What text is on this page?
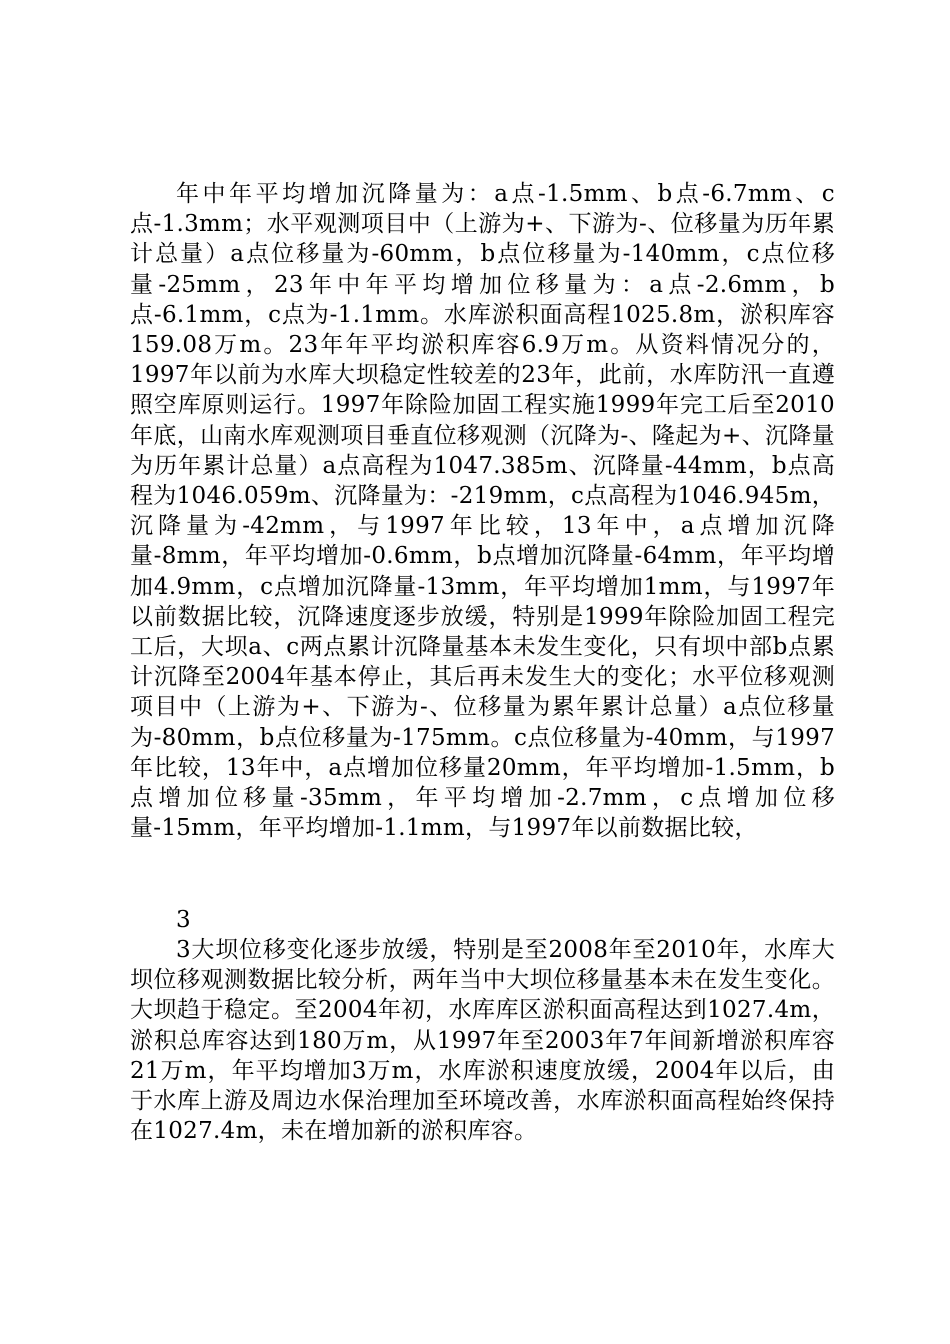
年中年平均增加沉降量为：a点-1.5mm、b点-6.7mm、c点-1.3mm；水平观测项目中（上游为+、下游为-、位移量为历年累计总量）a点位移量为-60mm，b点位移量为-140mm，c点位移量-25mm，23年中年平均增加位移量为：a点-2.6mm，b点-6.1mm，c点为-1.1mm。水库淤积面高程1025.8m，淤积库容159.08万m。23年年平均淤积库容6.9万m。从资料情况分的，1997年以前为水库大坝稳定性较差的23年，此前，水库防汛一直遵照空库原则运行。1997年除险加固工程实施1999年完工后至2010年底，山南水库观测项目垂直位移观测（沉降为-、隆起为+、沉降量为历年累计总量）a点高程为1047.385m、沉降量-44mm，b点高程为1046.059m、沉降量为：-219mm，c点高程为1046.945m，沉降量为-42mm，与1997年比较，13年中，a点增加沉降量-8mm，年平均增加-0.6mm，b点增加沉降量-64mm，年平均增加4.9mm，c点增加沉降量-13mm，年平均增加1mm，与1997年以前数据比较，沉降速度逐步放缓，特别是1999年除险加固工程完工后，大坝a、c两点累计沉降量基本未发生变化，只有坝中部b点累计沉降至2004年基本停止，其后再未发生大的变化；水平位移观测项目中（上游为+、下游为-、位移量为累年累计总量）a点位移量为-80mm，b点位移量为-175mm。c点位移量为-40mm，与1997年比较，13年中，a点增加位移量20mm，年平均增加-1.5mm，b点增加位移量-35mm，年平均增加-2.7mm，c点增加位移量-15mm，年平均增加-1.1mm，与1997年以前数据比较，

3

3大坝位移变化逐步放缓，特别是至2008年至2010年，水库大坝位移观测数据比较分析，两年当中大坝位移量基本未在发生变化。大坝趋于稳定。至2004年初，水库库区淤积面高程达到1027.4m，淤积总库容达到180万m，从1997年至2003年7年间新增淤积库容21万m，年平均增加3万m，水库淤积速度放缓，2004年以后，由于水库上游及周边水保治理加至环境改善，水库淤积面高程始终保持在1027.4m，未在增加新的淤积库容。
